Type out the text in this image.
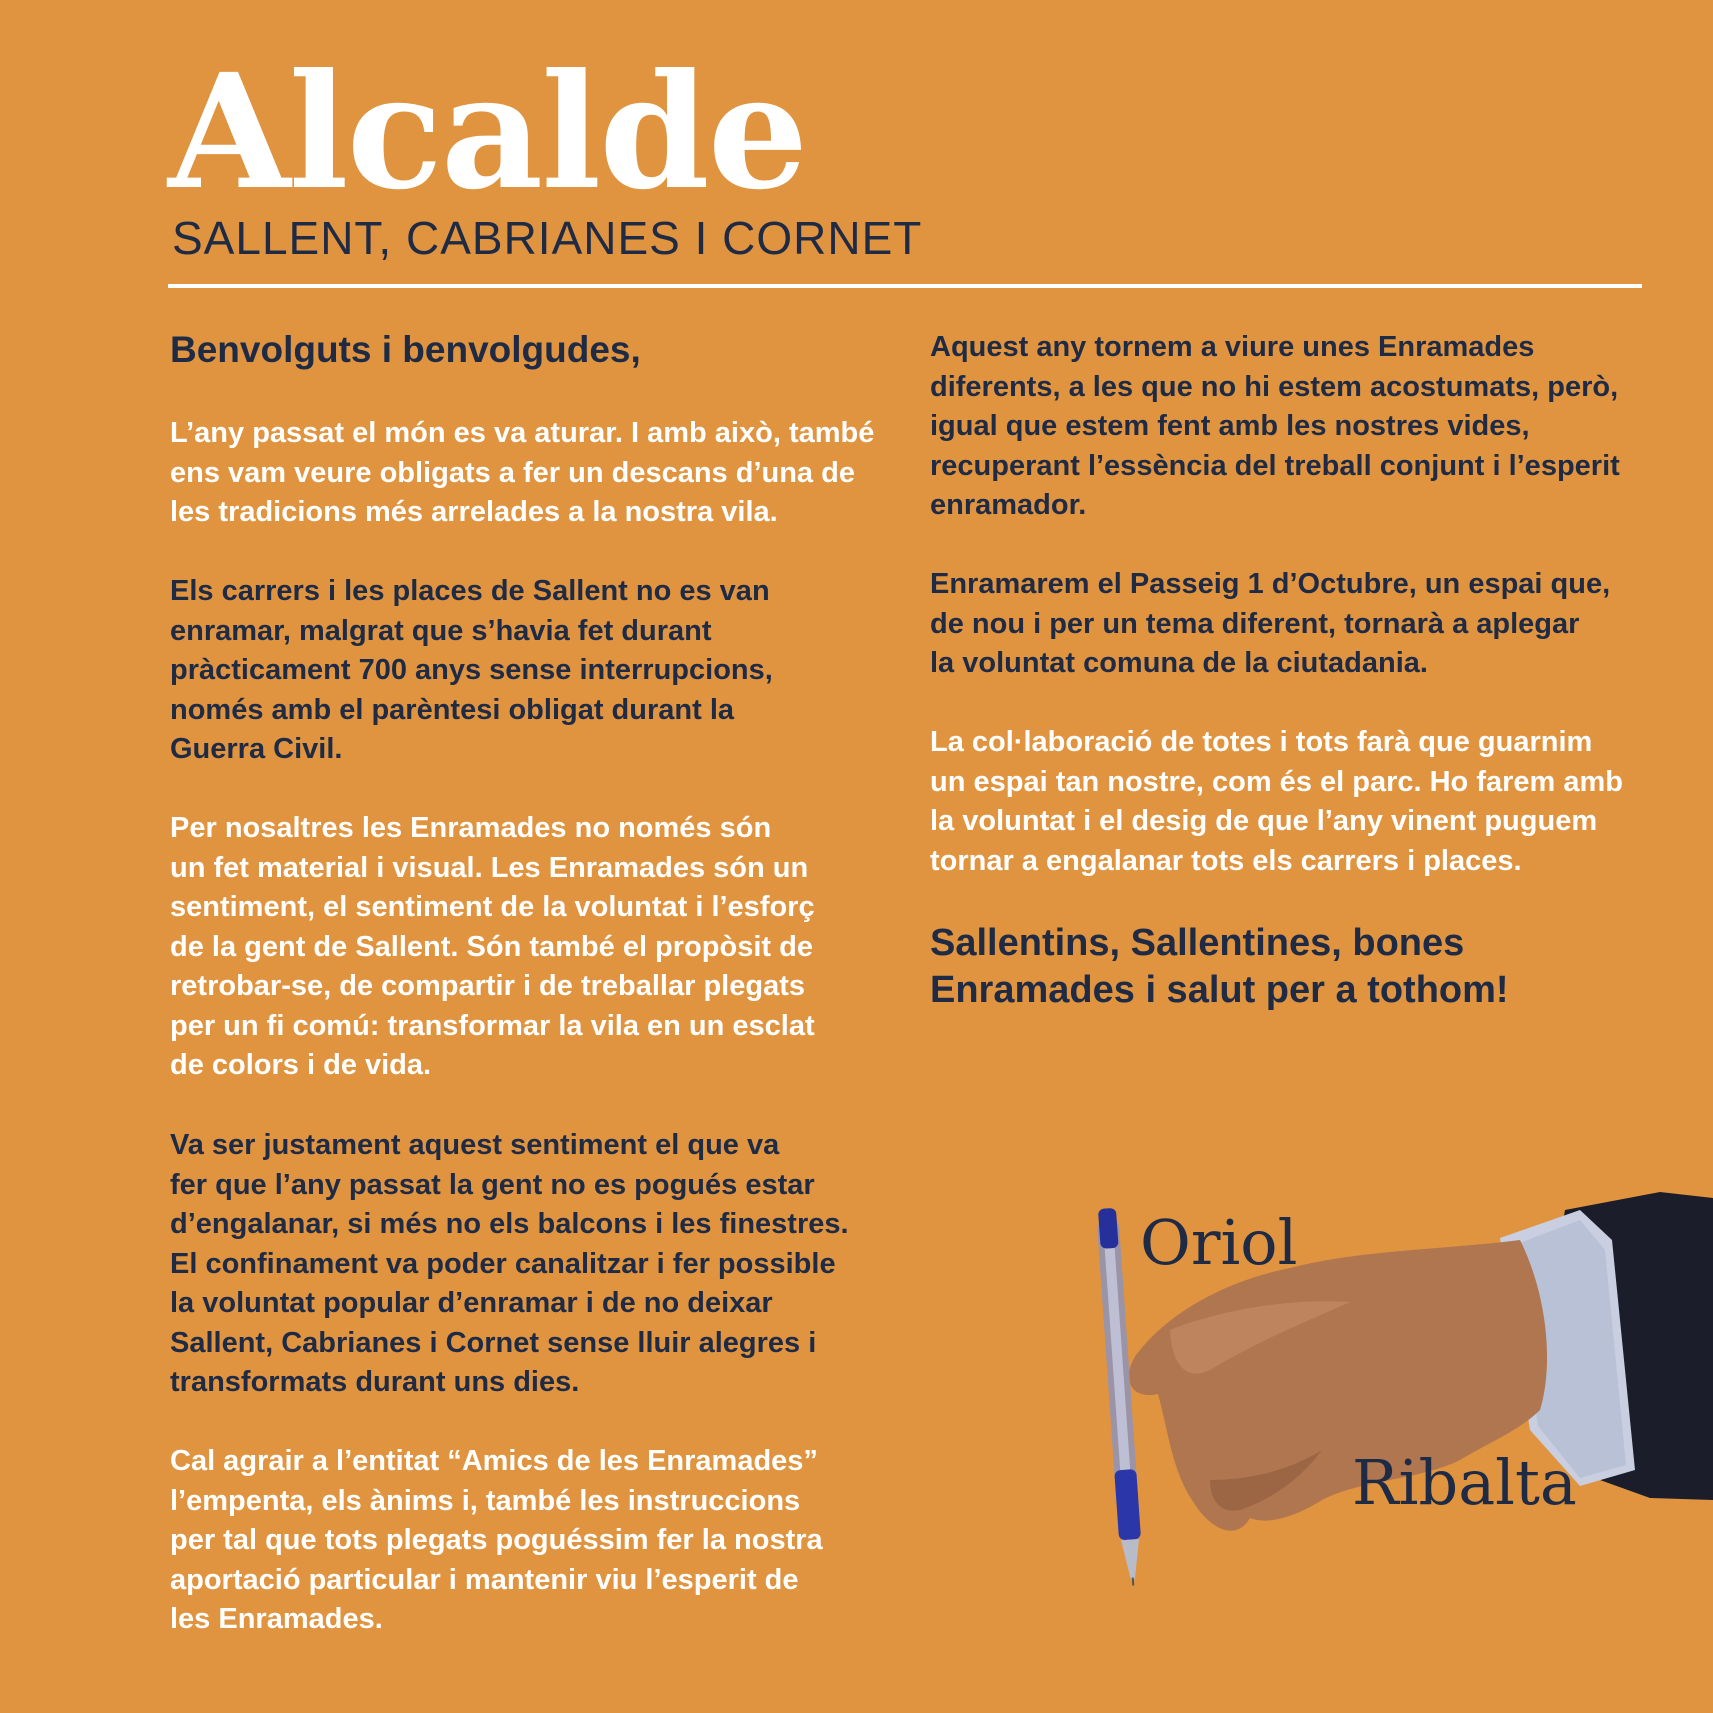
Alcalde
SALLENT, CABRIANES I CORNET

Benvolguts i benvolgudes,

L’any passat el món es va aturar. I amb això, també
ens vam veure obligats a fer un descans d’una de
les tradicions més arrelades a la nostra vila.

Els carrers i les places de Sallent no es van
enramar, malgrat que s’havia fet durant
pràcticament 700 anys sense interrupcions,
només amb el parèntesi obligat durant la
Guerra Civil.

Per nosaltres les Enramades no només són
un fet material i visual. Les Enramades són un
sentiment, el sentiment de la voluntat i l’esforç
de la gent de Sallent. Són també el propòsit de
retrobar-se, de compartir i de treballar plegats
per un fi comú: transformar la vila en un esclat
de colors i de vida.

Va ser justament aquest sentiment el que va
fer que l’any passat la gent no es pogués estar
d’engalanar, si més no els balcons i les finestres.
El confinament va poder canalitzar i fer possible
la voluntat popular d’enramar i de no deixar
Sallent, Cabrianes i Cornet sense lluir alegres i
transformats durant uns dies.

Cal agrair a l’entitat “Amics de les Enramades”
l’empenta, els ànims i, també les instruccions
per tal que tots plegats poguéssim fer la nostra
aportació particular i mantenir viu l’esperit de
les Enramades.

Aquest any tornem a viure unes Enramades
diferents, a les que no hi estem acostumats, però,
igual que estem fent amb les nostres vides,
recuperant l’essència del treball conjunt i l’esperit
enramador.

Enramarem el Passeig 1 d’Octubre, un espai que,
de nou i per un tema diferent, tornarà a aplegar
la voluntat comuna de la ciutadania.

La col·laboració de totes i tots farà que guarnim
un espai tan nostre, com és el parc. Ho farem amb
la voluntat i el desig de que l’any vinent puguem
tornar a engalanar tots els carrers i places.

Sallentins, Sallentines, bones
Enramades i salut per a tothom!

Oriol
Ribalta
